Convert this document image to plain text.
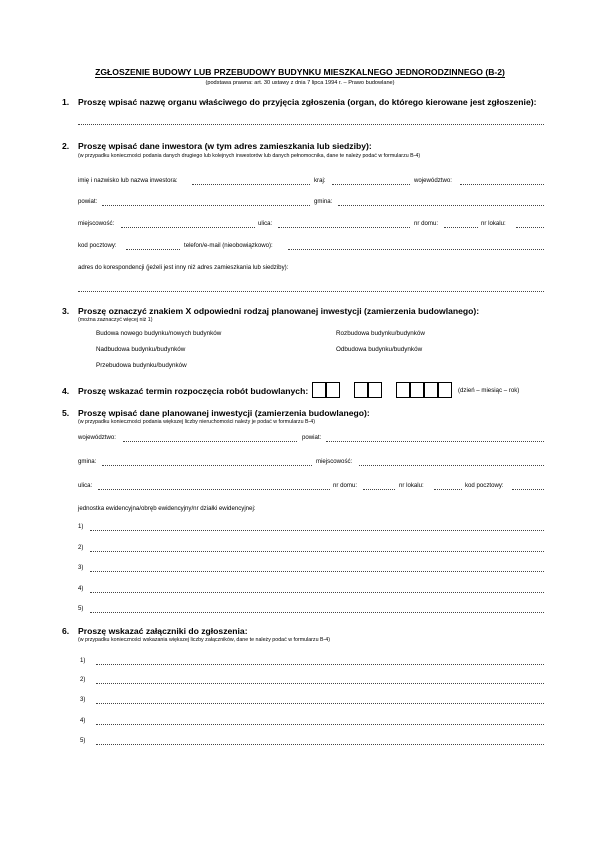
ZGŁOSZENIE BUDOWY LUB PRZEBUDOWY BUDYNKU MIESZKALNEGO JEDNORODZINNEGO (B-2)
(podstawa prawna: art. 30 ustawy z dnia 7 lipca 1994 r. – Prawo budowlane)
1. Proszę wpisać nazwę organu właściwego do przyjęcia zgłoszenia (organ, do którego kierowane jest zgłoszenie):
2. Proszę wpisać dane inwestora (w tym adres zamieszkania lub siedziby):
(w przypadku konieczności podania danych drugiego lub kolejnych inwestorów lub danych pełnomocnika, dane te należy podać w formularzu B-4)
imię i nazwisko lub nazwa inwestora:	kraj:	województwo:
powiat:	gmina:
miejscowość:	ulica:	nr domu:	nr lokalu:
kod pocztowy:	telefon/e-mail (nieobowiązkowo):
adres do korespondencji (jeżeli jest inny niż adres zamieszkania lub siedziby):
3. Proszę oznaczyć znakiem X odpowiedni rodzaj planowanej inwestycji (zamierzenia budowlanego):
(można zaznaczyć więcej niż 1)
Budowa nowego budynku/nowych budynków	Rozbudowa budynku/budynków
Nadbudowa budynku/budynków	Odbudowa budynku/budynków
Przebudowa budynku/budynków
4. Proszę wskazać termin rozpoczęcia robót budowlanych:	(dzień – miesiąc – rok)
5. Proszę wpisać dane planowanej inwestycji (zamierzenia budowlanego):
(w przypadku konieczności podania większej liczby nieruchomości należy je podać w formularzu B-4)
województwo:	powiat:
gmina:	miejscowość:
ulica:	nr domu:	nr lokalu:	kod pocztowy:
jednostka ewidencyjna/obręb ewidencyjny/nr działki ewidencyjnej:
1)
2)
3)
4)
5)
6. Proszę wskazać załączniki do zgłoszenia:
(w przypadku konieczności wskazania większej liczby załączników, dane te należy podać w formularzu B-4)
1)
2)
3)
4)
5)
